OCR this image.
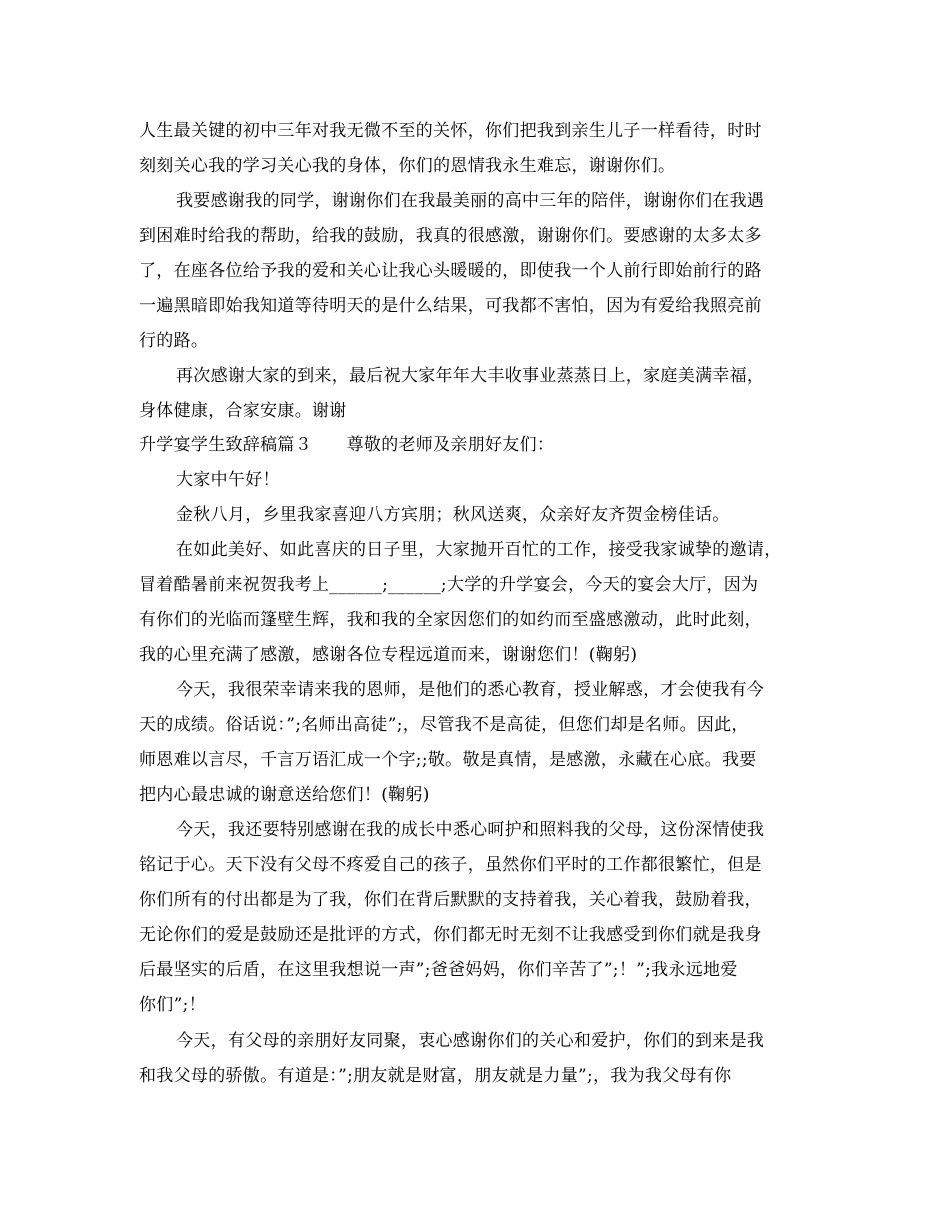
人生最关键的初中三年对我无微不至的关怀，你们把我到亲生儿子一样看待，时时
刻刻关心我的学习关心我的身体，你们的恩情我永生难忘，谢谢你们。
我要感谢我的同学，谢谢你们在我最美丽的高中三年的陪伴，谢谢你们在我遇
到困难时给我的帮助，给我的鼓励，我真的很感激，谢谢你们。要感谢的太多太多
了，在座各位给予我的爱和关心让我心头暖暖的，即使我一个人前行即始前行的路
一遍黑暗即始我知道等待明天的是什么结果，可我都不害怕，因为有爱给我照亮前
行的路。
再次感谢大家的到来，最后祝大家年年大丰收事业蒸蒸日上，家庭美满幸福，
身体健康，合家安康。谢谢
升学宴学生致辞稿篇３　　尊敬的老师及亲朋好友们：
大家中午好！
金秋八月，乡里我家喜迎八方宾朋；秋风送爽，众亲好友齐贺金榜佳话。
在如此美好、如此喜庆的日子里，大家抛开百忙的工作，接受我家诚挚的邀请，
冒着酷暑前来祝贺我考上______;______;大学的升学宴会，今天的宴会大厅，因为
有你们的光临而篷壁生辉，我和我的全家因您们的如约而至盛感激动，此时此刻，
我的心里充满了感激，感谢各位专程远道而来，谢谢您们！(鞠躬)
今天，我很荣幸请来我的恩师，是他们的悉心教育，授业解惑，才会使我有今
天的成绩。俗话说：”;名师出高徒”;，尽管我不是高徒，但您们却是名师。因此，
师恩难以言尽，千言万语汇成一个字;;敬。敬是真情，是感激，永藏在心底。我要
把内心最忠诚的谢意送给您们！(鞠躬)
今天，我还要特别感谢在我的成长中悉心呵护和照料我的父母，这份深情使我
铭记于心。天下没有父母不疼爱自己的孩子，虽然你们平时的工作都很繁忙，但是
你们所有的付出都是为了我，你们在背后默默的支持着我，关心着我，鼓励着我，
无论你们的爱是鼓励还是批评的方式，你们都无时无刻不让我感受到你们就是我身
后最坚实的后盾，在这里我想说一声”;爸爸妈妈，你们辛苦了”;！”;我永远地爱
你们”;！
今天，有父母的亲朋好友同聚，衷心感谢你们的关心和爱护，你们的到来是我
和我父母的骄傲。有道是：”;朋友就是财富，朋友就是力量”;，我为我父母有你
